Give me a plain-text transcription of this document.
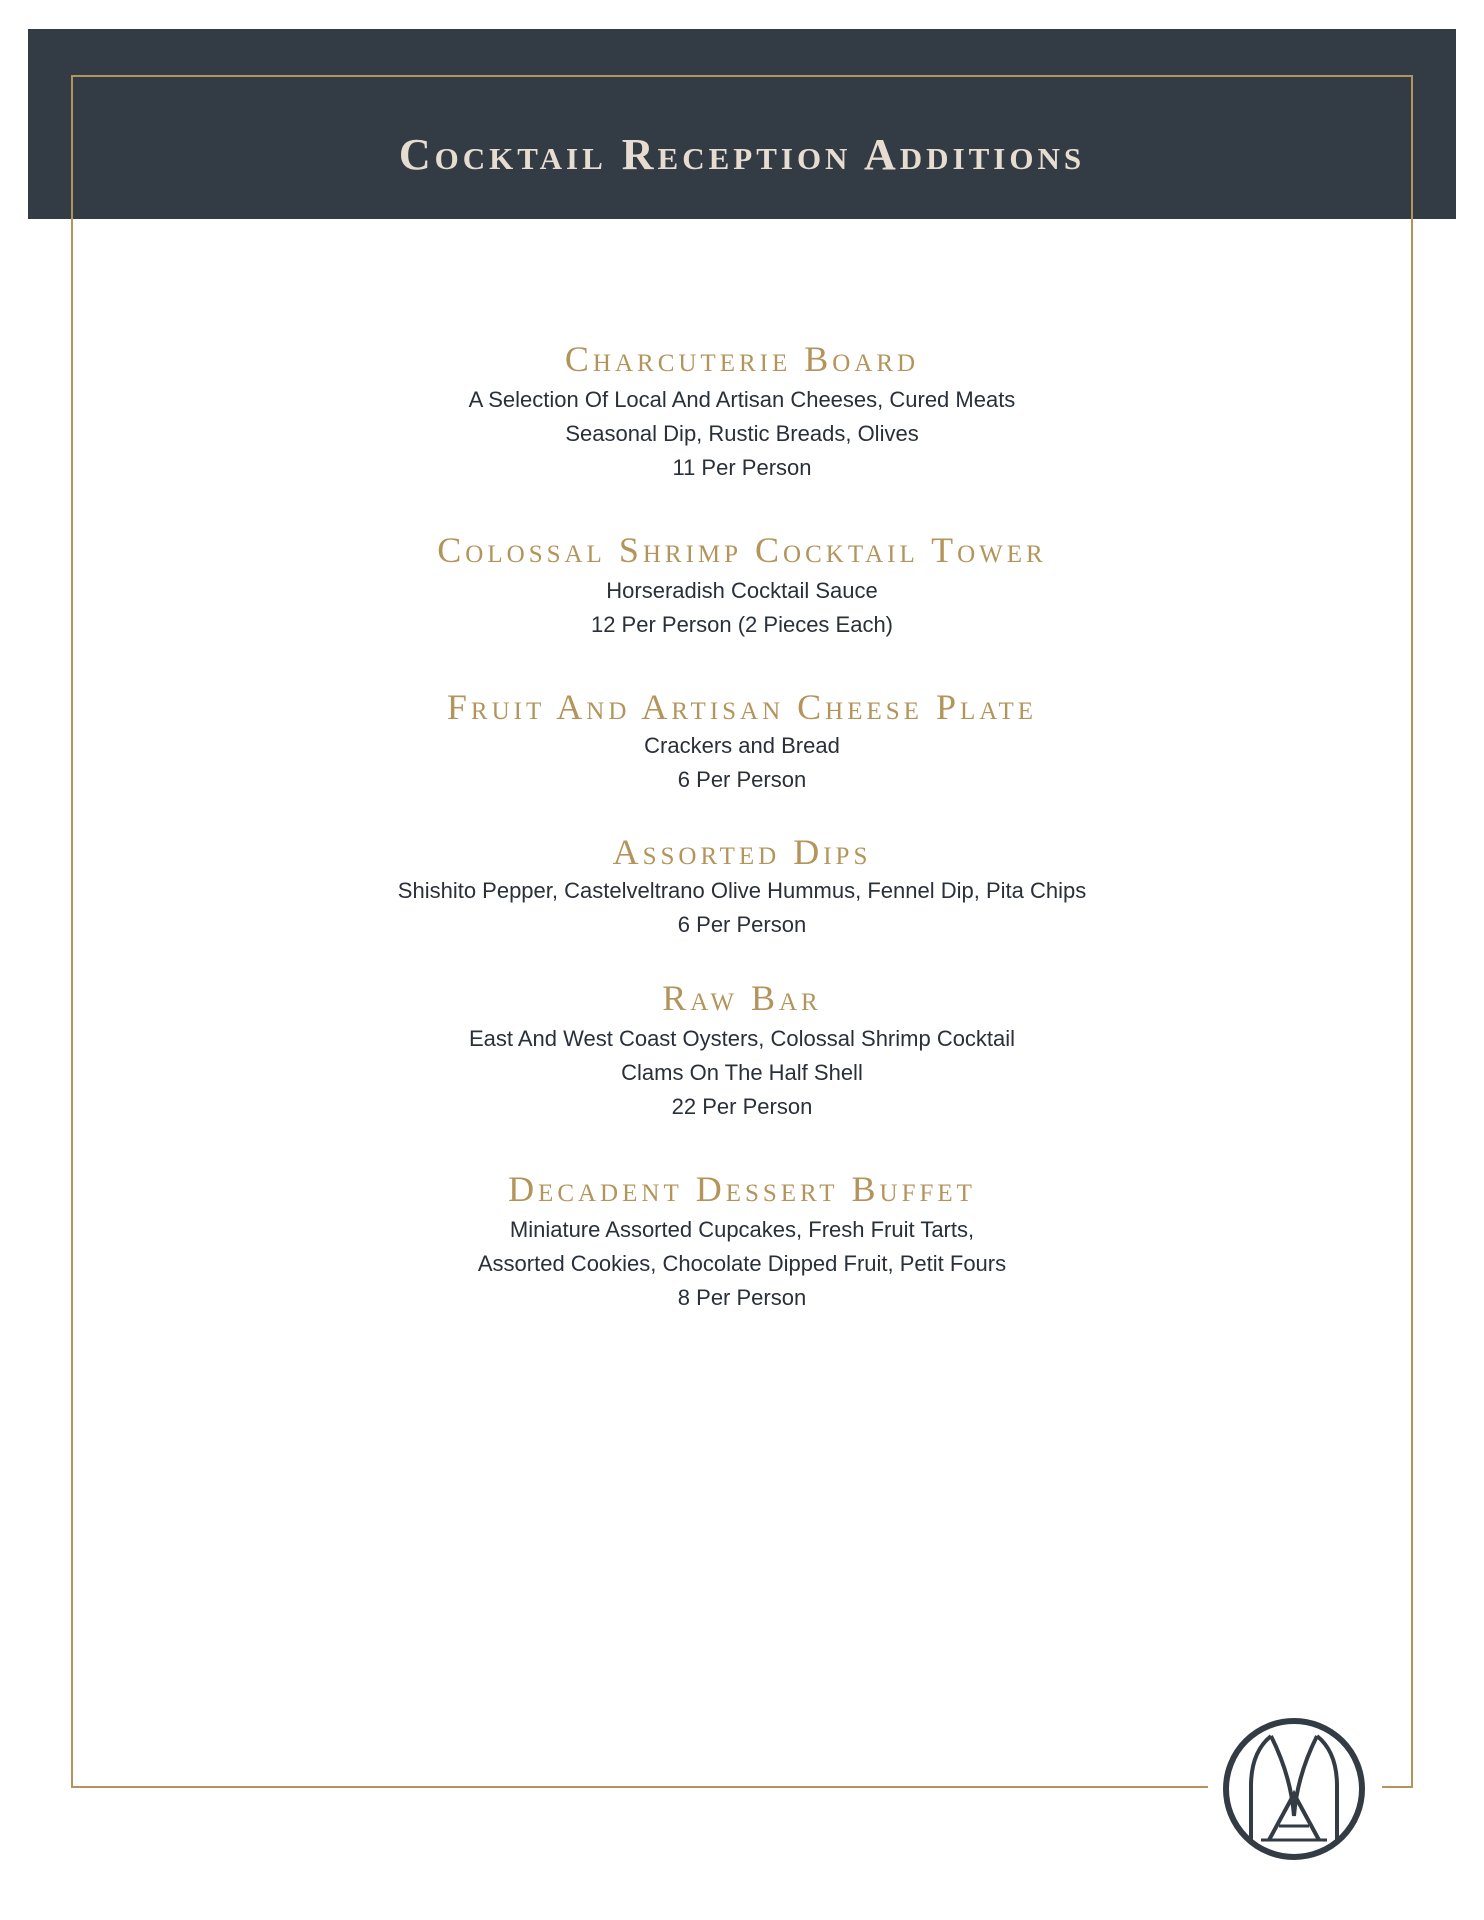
Cocktail Reception Additions
Charcuterie Board
A Selection Of Local And Artisan Cheeses, Cured Meats
Seasonal Dip, Rustic Breads, Olives
11 Per Person
Colossal Shrimp Cocktail Tower
Horseradish Cocktail Sauce
12 Per Person (2 Pieces Each)
Fruit And Artisan Cheese Plate
Crackers and Bread
6 Per Person
Assorted Dips
Shishito Pepper, Castelveltrano Olive Hummus, Fennel Dip, Pita Chips
6 Per Person
Raw Bar
East And West Coast Oysters, Colossal Shrimp Cocktail
Clams On The Half Shell
22 Per Person
Decadent Dessert Buffet
Miniature Assorted Cupcakes, Fresh Fruit Tarts,
Assorted Cookies, Chocolate Dipped Fruit, Petit Fours
8 Per Person
